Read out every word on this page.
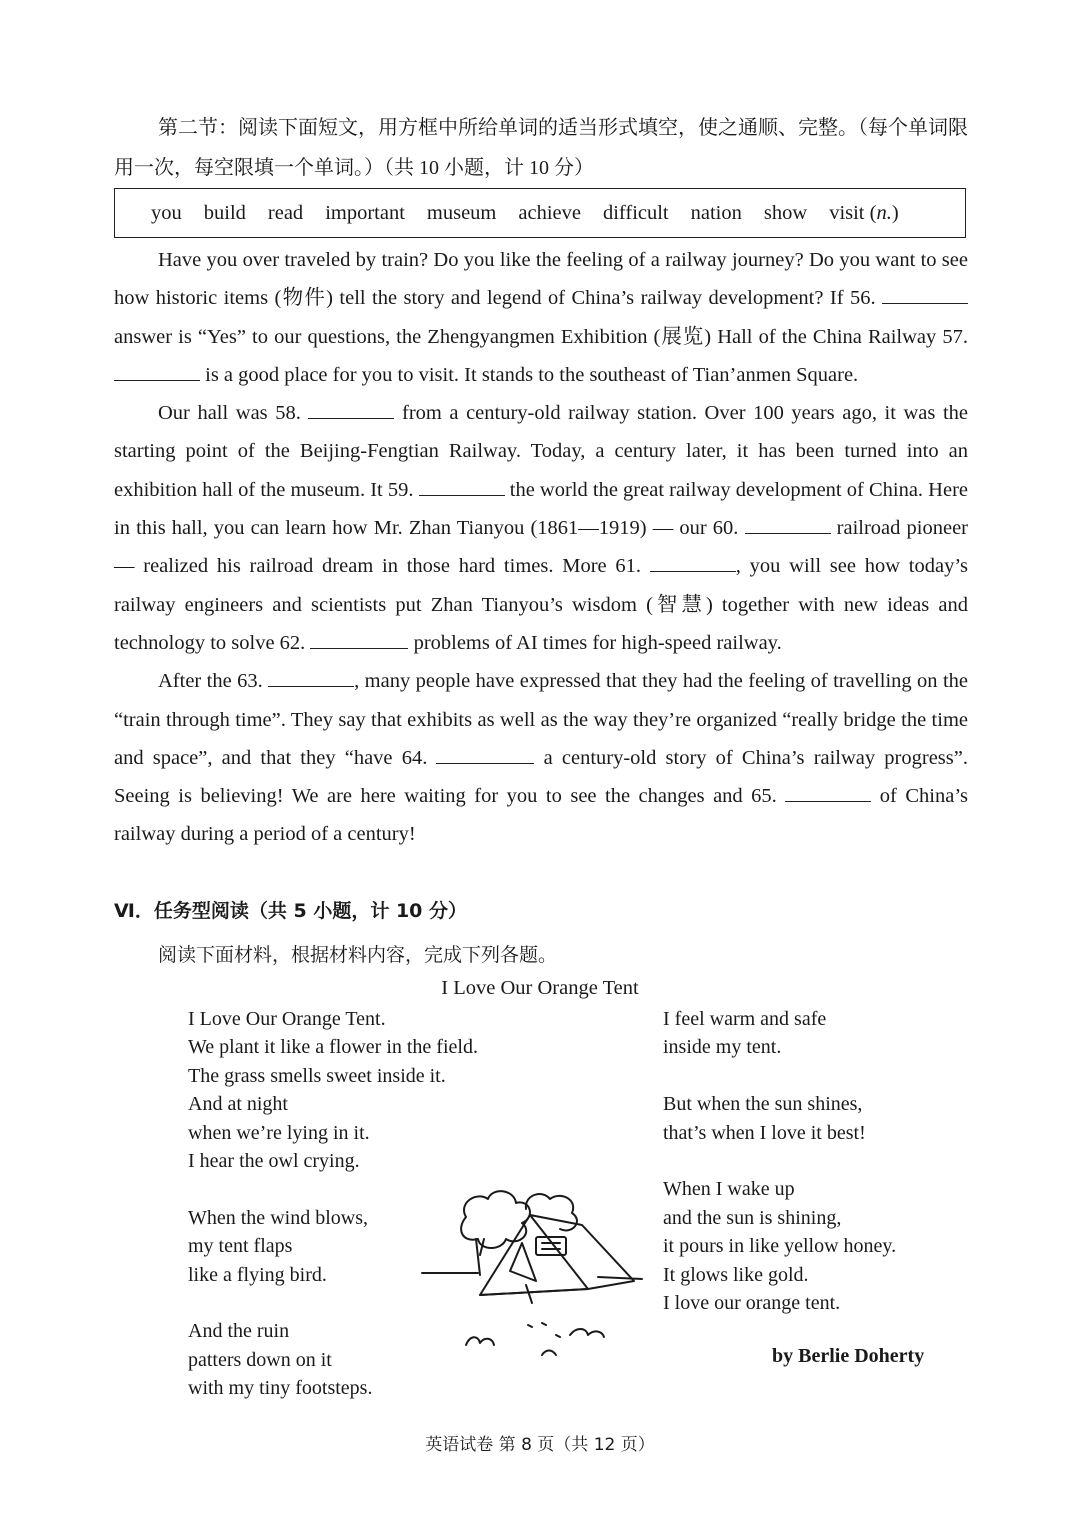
第二节：阅读下面短文，用方框中所给单词的适当形式填空，使之通顺、完整。（每个单词限用一次，每空限填一个单词。）（共 10 小题，计 10 分）

you build read important museum achieve difficult nation show visit (n.)

Have you over traveled by train? Do you like the feeling of a railway journey? Do you want to see how historic items (物件) tell the story and legend of China’s railway development? If 56.  answer is “Yes” to our questions, the Zhengyangmen Exhibition (展览) Hall of the China Railway 57.  is a good place for you to visit. It stands to the southeast of Tian’anmen Square.

Our hall was 58.	from a century-old railway station. Over 100 years ago, it was the starting point of the Beijing-Fengtian Railway. Today, a century later, it has been turned into an exhibition hall of the museum. It 59.	the world the great railway development of China. Here in this hall, you can learn how Mr. Zhan Tianyou (1861—1919) — our 60.	railroad pioneer — realized his railroad dream in those hard times. More 61.	, you will see how today’s railway engineers and scientists put Zhan Tianyou’s wisdom (智慧) together with new ideas and technology to solve 62.	problems of AI times for high-speed railway.

After the 63.	, many people have expressed that they had the feeling of travelling on the “train through time”. They say that exhibits as well as the way they’re organized “really bridge the time and space”, and that they “have 64.	a century-old story of China’s railway progress”. Seeing is believing! We are here waiting for you to see the changes and 65.	of China’s railway during a period of a century!

Ⅵ．任务型阅读（共 5 小题，计 10 分）
阅读下面材料，根据材料内容，完成下列各题。
I Love Our Orange Tent
I Love Our Orange Tent.
We plant it like a flower in the field.
The grass smells sweet inside it.
And at night
when we’re lying in it.
I hear the owl crying.
When the wind blows,
my tent flaps
like a flying bird.
And the ruin
patters down on it
with my tiny footsteps.
I feel warm and safe
inside my tent.
But when the sun shines,
that’s when I love it best!
When I wake up
and the sun is shining,
it pours in like yellow honey.
It glows like gold.
I love our orange tent.
by Berlie Doherty
英语试卷 第 8 页（共 12 页）
